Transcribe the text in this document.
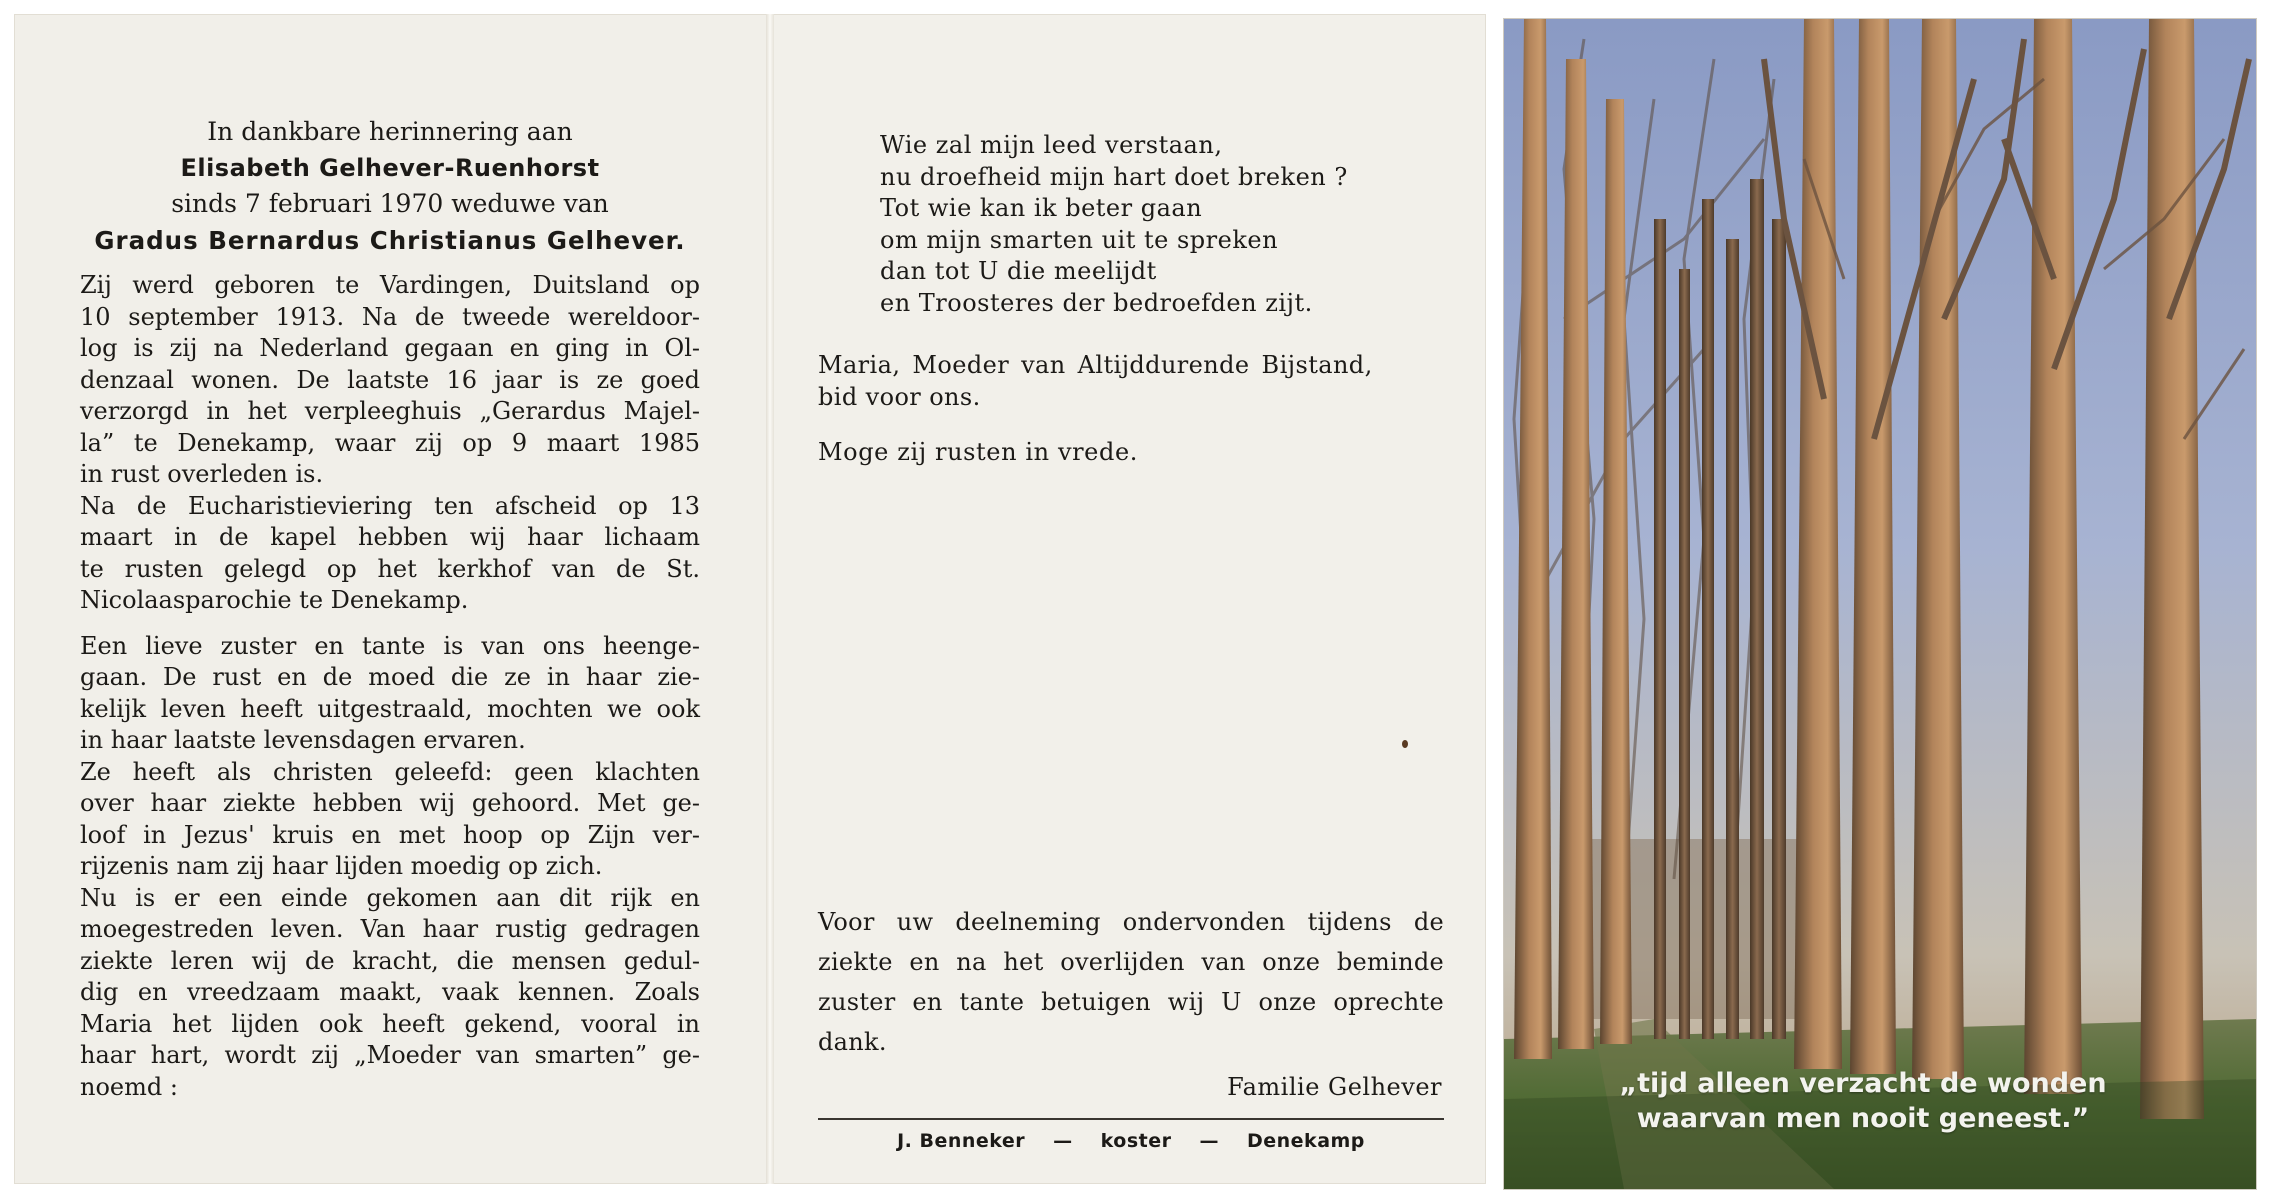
In dankbare herinnering aan
Elisabeth Gelhever-Ruenhorst
sinds 7 februari 1970 weduwe van
Gradus Bernardus Christianus Gelhever.
Zij werd geboren te Vardingen, Duitsland op
10 september 1913. Na de tweede wereldoor-
log is zij na Nederland gegaan en ging in Ol-
denzaal wonen. De laatste 16 jaar is ze goed
verzorgd in het verpleeghuis „Gerardus Majel-
la” te Denekamp, waar zij op 9 maart 1985
in rust overleden is.
Na de Eucharistieviering ten afscheid op 13
maart in de kapel hebben wij haar lichaam
te rusten gelegd op het kerkhof van de St.
Nicolaasparochie te Denekamp.
Een lieve zuster en tante is van ons heenge-
gaan. De rust en de moed die ze in haar zie-
kelijk leven heeft uitgestraald, mochten we ook
in haar laatste levensdagen ervaren.
Ze heeft als christen geleefd: geen klachten
over haar ziekte hebben wij gehoord. Met ge-
loof in Jezus' kruis en met hoop op Zijn ver-
rijzenis nam zij haar lijden moedig op zich.
Nu is er een einde gekomen aan dit rijk en
moegestreden leven. Van haar rustig gedragen
ziekte leren wij de kracht, die mensen gedul-
dig en vreedzaam maakt, vaak kennen. Zoals
Maria het lijden ook heeft gekend, vooral in
haar hart, wordt zij „Moeder van smarten” ge-
noemd :
Wie zal mijn leed verstaan,
nu droefheid mijn hart doet breken ?
Tot wie kan ik beter gaan
om mijn smarten uit te spreken
dan tot U die meelijdt
en Troosteres der bedroefden zijt.
Maria, Moeder van Altijddurende Bijstand,
bid voor ons.
Moge zij rusten in vrede.
Voor uw deelneming ondervonden tijdens de
ziekte en na het overlijden van onze beminde
zuster en tante betuigen wij U onze oprechte
dank.
Familie Gelhever
J. Benneker — koster — Denekamp
„tijd alleen verzacht de wonden
waarvan men nooit geneest.”
